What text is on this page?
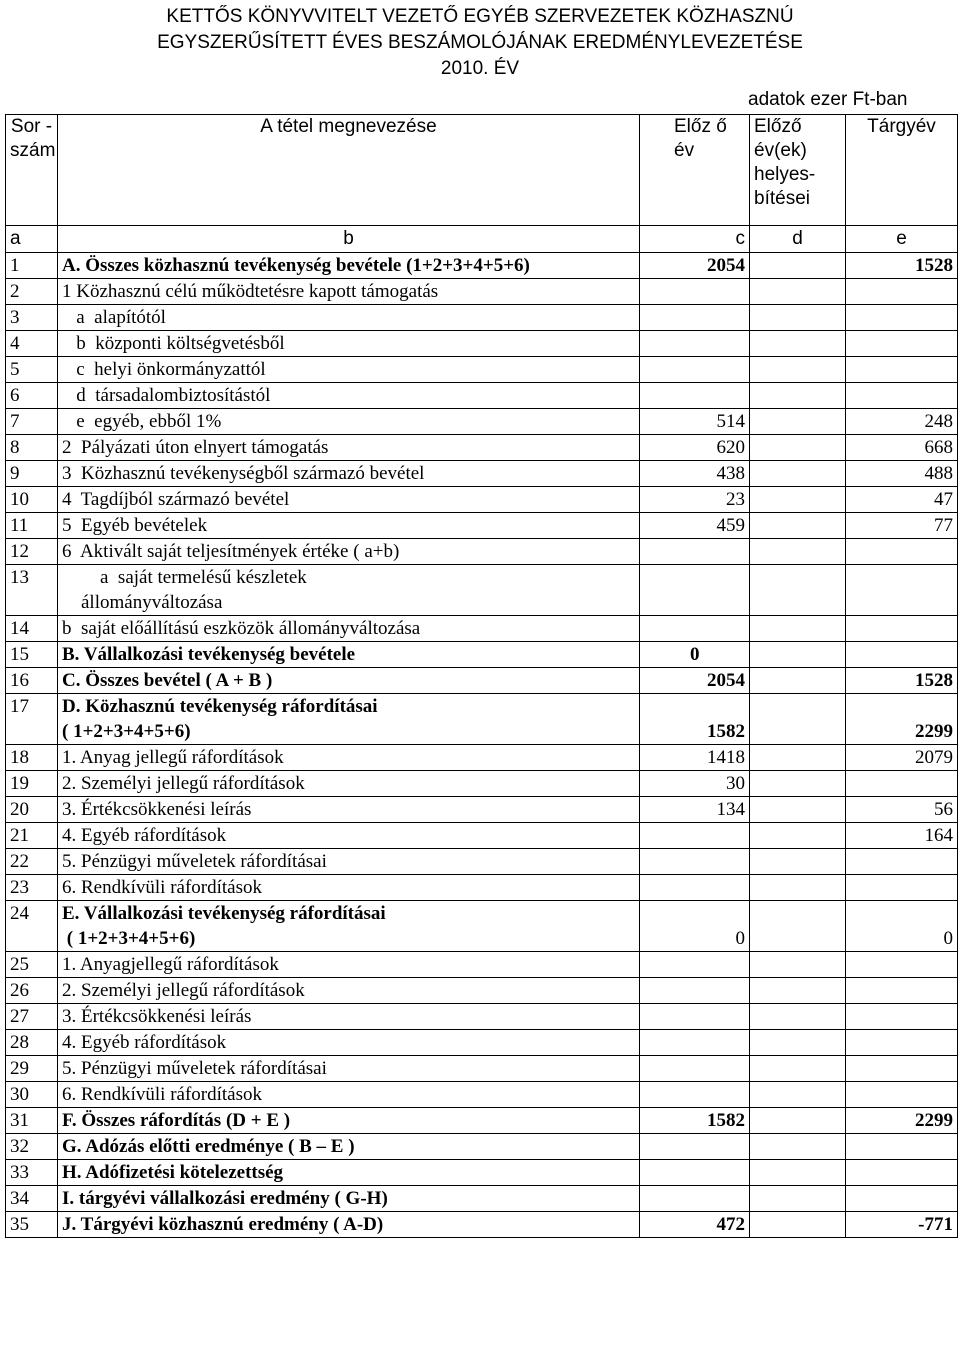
KETTŐS KÖNYVVITELT VEZETŐ EGYÉB SZERVEZETEK KÖZHASZNÚ
EGYSZERŰSÍTETT ÉVES BESZÁMOLÓJÁNAK EREDMÉNYLEVEZETÉSE
2010. ÉV
adatok ezer Ft-ban
Sor - szám	A tétel megnevezése	Előz ő év	Előző év(ek) helyes- bítései	Tárgyév
a	b	c	d	e
1	A. Összes közhasznú tevékenység bevétele (1+2+3+4+5+6)	2054		1528
2	1 Közhasznú célú működtetésre kapott támogatás			
3	a  alapítótól			
4	b  központi költségvetésből			
5	c  helyi önkormányzattól			
6	d  társadalombiztosítástól			
7	e  egyéb, ebből 1%	514		248
8	2  Pályázati úton elnyert támogatás	620		668
9	3  Közhasznú tevékenységből származó bevétel	438		488
10	4  Tagdíjból származó bevétel	23		47
11	5  Egyéb bevételek	459		77
12	6  Aktivált saját teljesítmények értéke ( a+b)			
13	a  saját termelésű készletek
állományváltozása			
14	b  saját előállítású eszközök állományváltozása			
15	B. Vállalkozási tevékenység bevétele	0		
16	C. Összes bevétel ( A + B )	2054		1528
17	D. Közhasznú tevékenység ráfordításai
( 1+2+3+4+5+6)	1582		2299
18	1. Anyag jellegű ráfordítások	1418		2079
19	2. Személyi jellegű ráfordítások	30		
20	3. Értékcsökkenési leírás	134		56
21	4. Egyéb ráfordítások			164
22	5. Pénzügyi műveletek ráfordításai			
23	6. Rendkívüli ráfordítások			
24	E. Vállalkozási tevékenység ráfordításai
( 1+2+3+4+5+6)	0		0
25	1. Anyagjellegű ráfordítások			
26	2. Személyi jellegű ráfordítások			
27	3. Értékcsökkenési leírás			
28	4. Egyéb ráfordítások			
29	5. Pénzügyi műveletek ráfordításai			
30	6. Rendkívüli ráfordítások			
31	F. Összes ráfordítás (D + E )	1582		2299
32	G. Adózás előtti eredménye ( B – E )			
33	H. Adófizetési kötelezettség			
34	I. tárgyévi vállalkozási eredmény ( G-H)			
35	J. Tárgyévi közhasznú eredmény ( A-D)	472		-771
